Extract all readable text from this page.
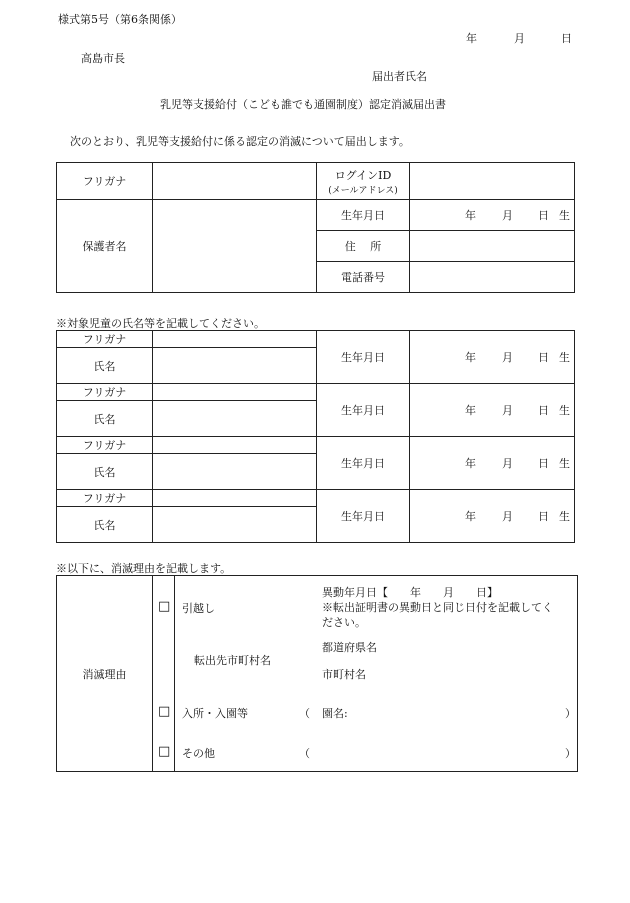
様式第5号（第6条関係）
年	月	日
高島市長
届出者氏名
乳児等支援給付（こども誰でも通園制度）認定消滅届出書
次のとおり、乳児等支援給付に係る認定の消滅について届出します。
フリガナ		ログインID
(メールアドレス)	

保護者名		生年月日	年 月 日 生

		住　 所	
		電話番号	
※対象児童の氏名等を記載してください。
フリガナ		生年月日	年 月 日 生

氏名			
フリガナ		生年月日	年 月 日 生

氏名			
フリガナ		生年月日	年 月 日 生

氏名			
フリガナ		生年月日	年 月 日 生

氏名			
※以下に、消滅理由を記載します。
消滅理由
□ 引越し
異動年月日【　　年　　月　　日】
※転出証明書の異動日と同じ日付を記載してく
ださい。
転出先市町村名
都道府県名
市町村名
□ 入所・入園等	（ 園名:	）
□ その他	（	）
